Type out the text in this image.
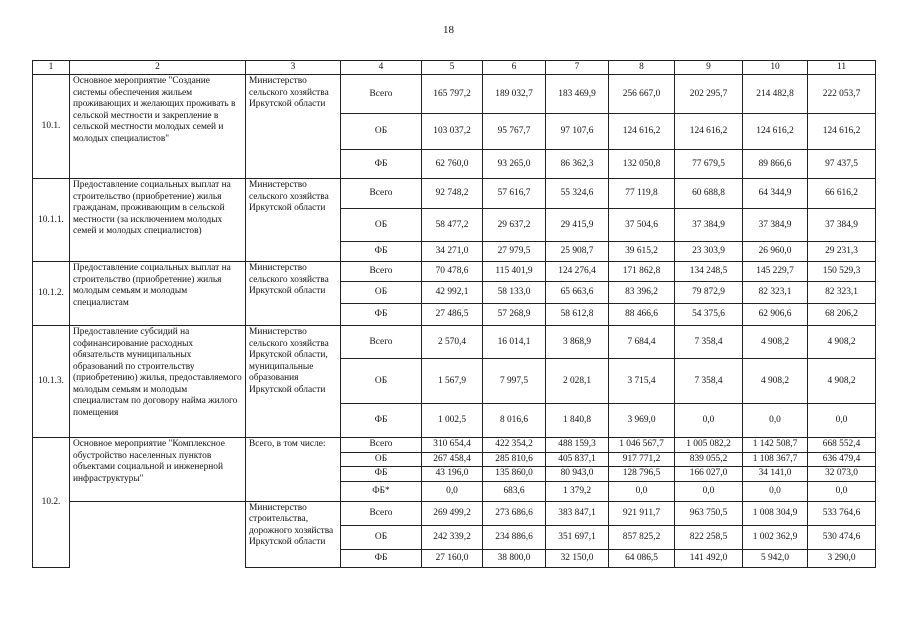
18
1	2	3	4	5	6	7	8	9	10	11
10.1.	Основное мероприятие "Создание системы обеспечения жильем проживающих и желающих проживать в сельской местности и закрепление в сельской местности молодых семей и молодых специалистов"	Министерство сельского хозяйства Иркутской области	Всего	165 797,2	189 032,7	183 469,9	256 667,0	202 295,7	214 482,8	222 053,7
			ОБ	103 037,2	95 767,7	97 107,6	124 616,2	124 616,2	124 616,2	124 616,2
			ФБ	62 760,0	93 265,0	86 362,3	132 050,8	77 679,5	89 866,6	97 437,5
10.1.1.	Предоставление социальных выплат на строительство (приобретение) жилья гражданам, проживающим в сельской местности (за исключением молодых семей и молодых специалистов)	Министерство сельского хозяйства Иркутской области	Всего	92 748,2	57 616,7	55 324,6	77 119,8	60 688,8	64 344,9	66 616,2
			ОБ	58 477,2	29 637,2	29 415,9	37 504,6	37 384,9	37 384,9	37 384,9
			ФБ	34 271,0	27 979,5	25 908,7	39 615,2	23 303,9	26 960,0	29 231,3
10.1.2.	Предоставление социальных выплат на строительство (приобретение) жилья молодым семьям и молодым специалистам	Министерство сельского хозяйства Иркутской области	Всего	70 478,6	115 401,9	124 276,4	171 862,8	134 248,5	145 229,7	150 529,3
			ОБ	42 992,1	58 133,0	65 663,6	83 396,2	79 872,9	82 323,1	82 323,1
			ФБ	27 486,5	57 268,9	58 612,8	88 466,6	54 375,6	62 906,6	68 206,2
10.1.3.	Предоставление субсидий на софинансирование расходных обязательств муниципальных образований по строительству (приобретению) жилья, предоставляемого молодым семьям и молодым специалистам по договору найма жилого помещения	Министерство сельского хозяйства Иркутской области, муниципальные образования Иркутской области	Всего	2 570,4	16 014,1	3 868,9	7 684,4	7 358,4	4 908,2	4 908,2
			ОБ	1 567,9	7 997,5	2 028,1	3 715,4	7 358,4	4 908,2	4 908,2
			ФБ	1 002,5	8 016,6	1 840,8	3 969,0	0,0	0,0	0,0
10.2.	Основное мероприятие "Комплексное обустройство населенных пунктов объектами социальной и инженерной инфраструктуры"	Всего, в том числе:	Всего	310 654,4	422 354,2	488 159,3	1 046 567,7	1 005 082,2	1 142 508,7	668 552,4
			ОБ	267 458,4	285 810,6	405 837,1	917 771,2	839 055,2	1 108 367,7	636 479,4
			ФБ	43 196,0	135 860,0	80 943,0	128 796,5	166 027,0	34 141,0	32 073,0
			ФБ*	0,0	683,6	1 379,2	0,0	0,0	0,0	0,0
		Министерство строительства, дорожного хозяйства Иркутской области	Всего	269 499,2	273 686,6	383 847,1	921 911,7	963 750,5	1 008 304,9	533 764,6
			ОБ	242 339,2	234 886,6	351 697,1	857 825,2	822 258,5	1 002 362,9	530 474,6
			ФБ	27 160,0	38 800,0	32 150,0	64 086,5	141 492,0	5 942,0	3 290,0
